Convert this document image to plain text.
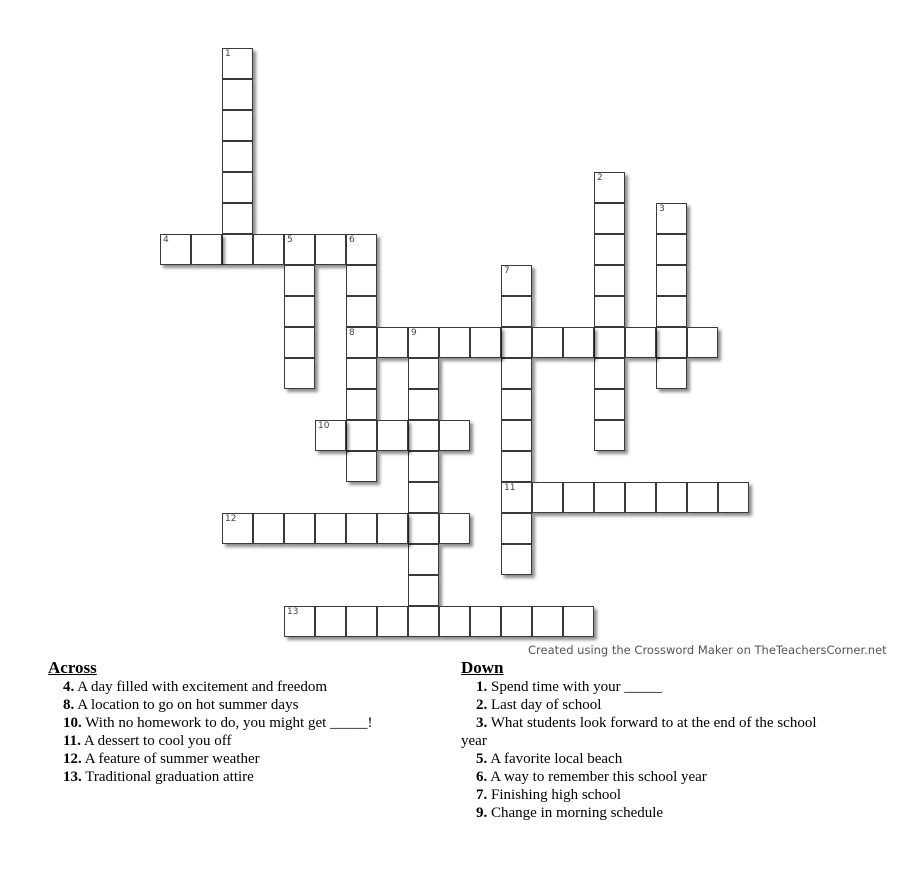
1
2
3
4	5	6
8
7
11
9
10
12
13
Created using the Crossword Maker on TheTeachersCorner.net
Across
4. A day filled with excitement and freedom
8. A location to go on hot summer days
10. With no homework to do, you might get _____!
11. A dessert to cool you off
12. A feature of summer weather
13. Traditional graduation attire
Down
1. Spend time with your _____
2. Last day of school
3. What students look forward to at the end of the school
year
5. A favorite local beach
6. A way to remember this school year
7. Finishing high school
9. Change in morning schedule
